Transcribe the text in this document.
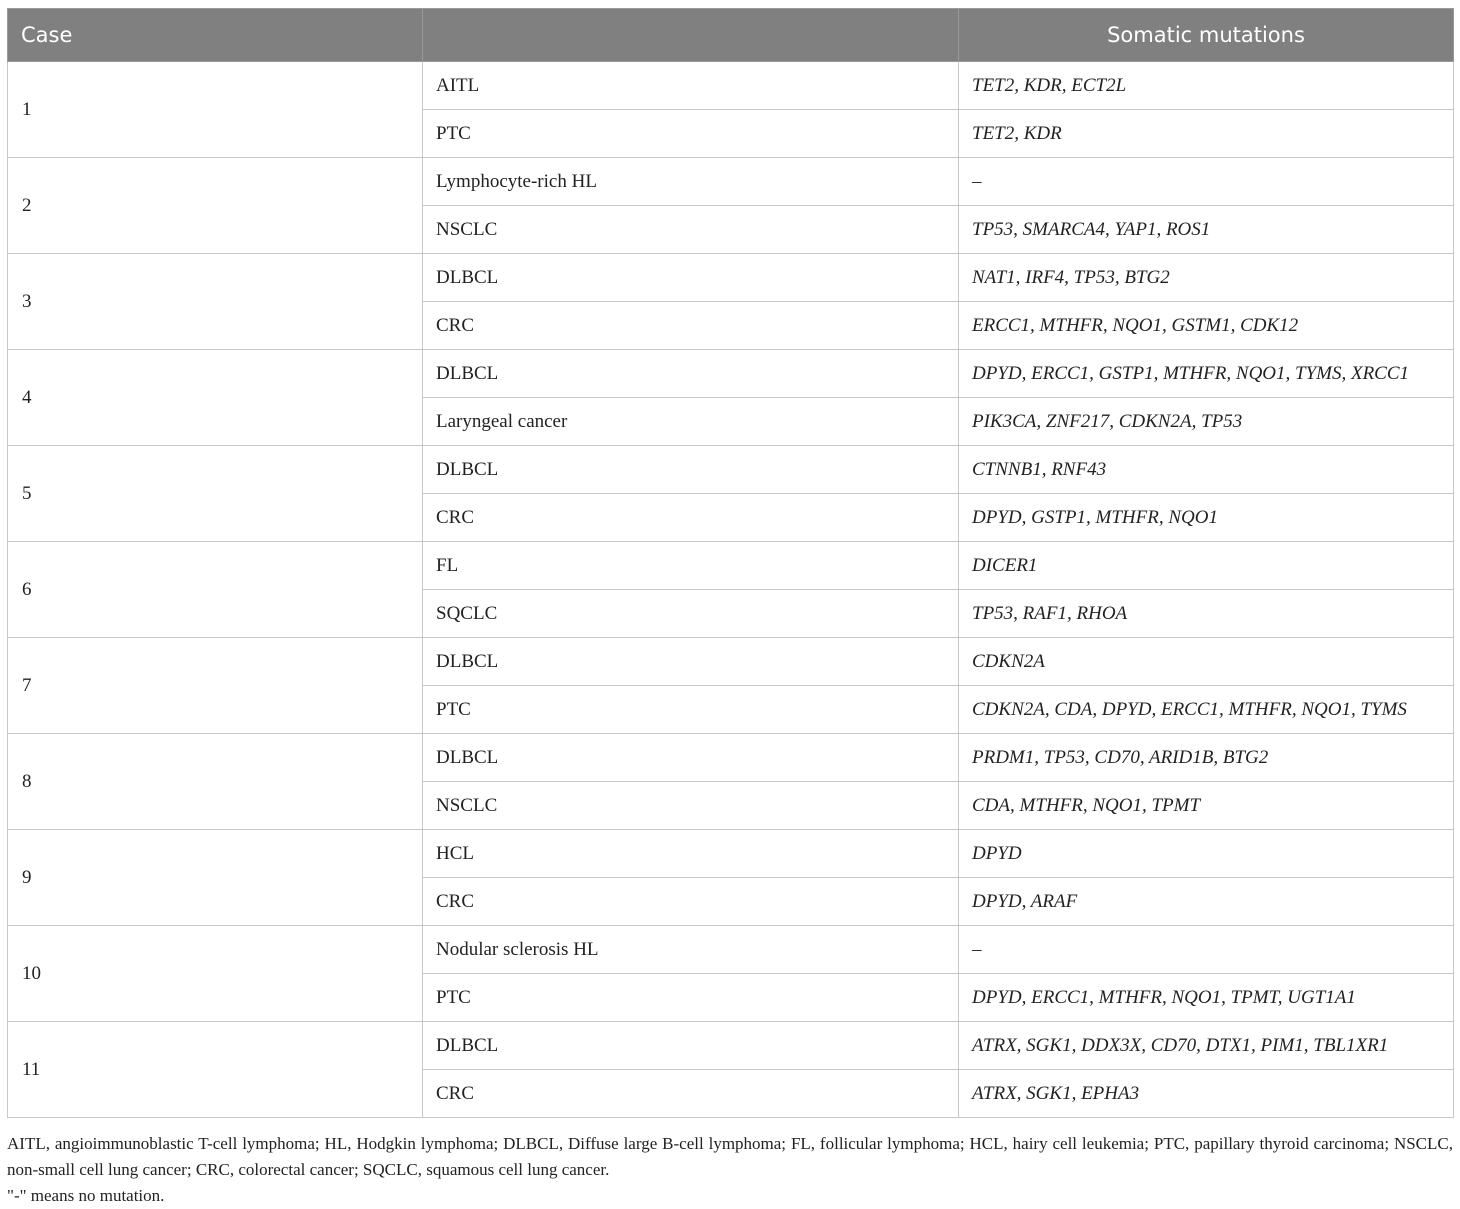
Case		Somatic mutations
1	AITL	TET2, KDR, ECT2L
	PTC	TET2, KDR
2	Lymphocyte-rich HL	–
	NSCLC	TP53, SMARCA4, YAP1, ROS1
3	DLBCL	NAT1, IRF4, TP53, BTG2
	CRC	ERCC1, MTHFR, NQO1, GSTM1, CDK12
4	DLBCL	DPYD, ERCC1, GSTP1, MTHFR, NQO1, TYMS, XRCC1
	Laryngeal cancer	PIK3CA, ZNF217, CDKN2A, TP53
5	DLBCL	CTNNB1, RNF43
	CRC	DPYD, GSTP1, MTHFR, NQO1
6	FL	DICER1
	SQCLC	TP53, RAF1, RHOA
7	DLBCL	CDKN2A
	PTC	CDKN2A, CDA, DPYD, ERCC1, MTHFR, NQO1, TYMS
8	DLBCL	PRDM1, TP53, CD70, ARID1B, BTG2
	NSCLC	CDA, MTHFR, NQO1, TPMT
9	HCL	DPYD
	CRC	DPYD, ARAF
10	Nodular sclerosis HL	–
	PTC	DPYD, ERCC1, MTHFR, NQO1, TPMT, UGT1A1
11	DLBCL	ATRX, SGK1, DDX3X, CD70, DTX1, PIM1, TBL1XR1
	CRC	ATRX, SGK1, EPHA3

AITL, angioimmunoblastic T-cell lymphoma; HL, Hodgkin lymphoma; DLBCL, Diffuse large B-cell lymphoma; FL, follicular lymphoma; HCL, hairy cell leukemia; PTC, papillary thyroid carcinoma; NSCLC, non-small cell lung cancer; CRC, colorectal cancer; SQCLC, squamous cell lung cancer.

"-" means no mutation.
